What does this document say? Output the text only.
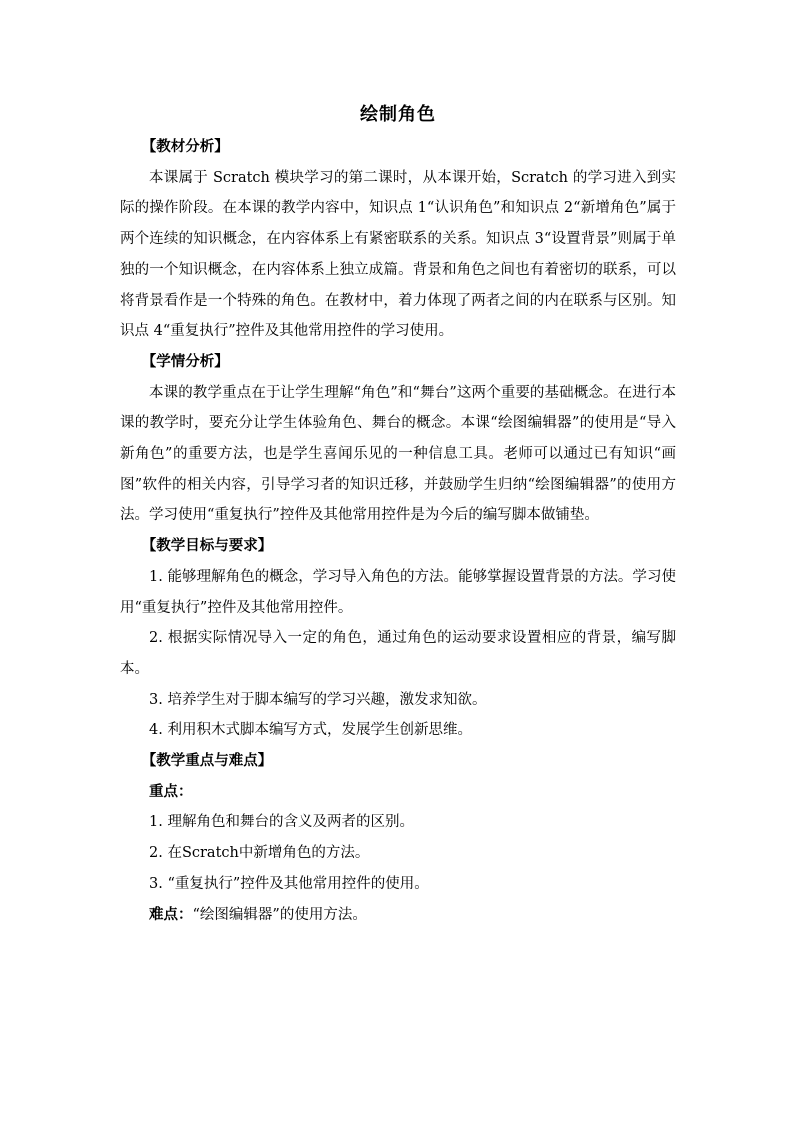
绘制角色
【教材分析】
本课属于 Scratch 模块学习的第二课时，从本课开始，Scratch 的学习进入到实际的操作阶段。在本课的教学内容中，知识点 1“认识角色”和知识点 2“新增角色”属于两个连续的知识概念，在内容体系上有紧密联系的关系。知识点 3“设置背景”则属于单独的一个知识概念，在内容体系上独立成篇。背景和角色之间也有着密切的联系，可以将背景看作是一个特殊的角色。在教材中，着力体现了两者之间的内在联系与区别。知识点 4“重复执行”控件及其他常用控件的学习使用。
【学情分析】
本课的教学重点在于让学生理解“角色”和“舞台”这两个重要的基础概念。在进行本课的教学时，要充分让学生体验角色、舞台的概念。本课“绘图编辑器”的使用是“导入新角色”的重要方法，也是学生喜闻乐见的一种信息工具。老师可以通过已有知识“画图”软件的相关内容，引导学习者的知识迁移，并鼓励学生归纳“绘图编辑器”的使用方法。学习使用“重复执行”控件及其他常用控件是为今后的编写脚本做铺垫。
【教学目标与要求】
1. 能够理解角色的概念，学习导入角色的方法。能够掌握设置背景的方法。学习使用“重复执行”控件及其他常用控件。
2. 根据实际情况导入一定的角色，通过角色的运动要求设置相应的背景，编写脚本。
3. 培养学生对于脚本编写的学习兴趣，激发求知欲。
4. 利用积木式脚本编写方式，发展学生创新思维。
【教学重点与难点】
重点：
1. 理解角色和舞台的含义及两者的区别。
2. 在Scratch中新增角色的方法。
3. “重复执行”控件及其他常用控件的使用。
难点：“绘图编辑器”的使用方法。
